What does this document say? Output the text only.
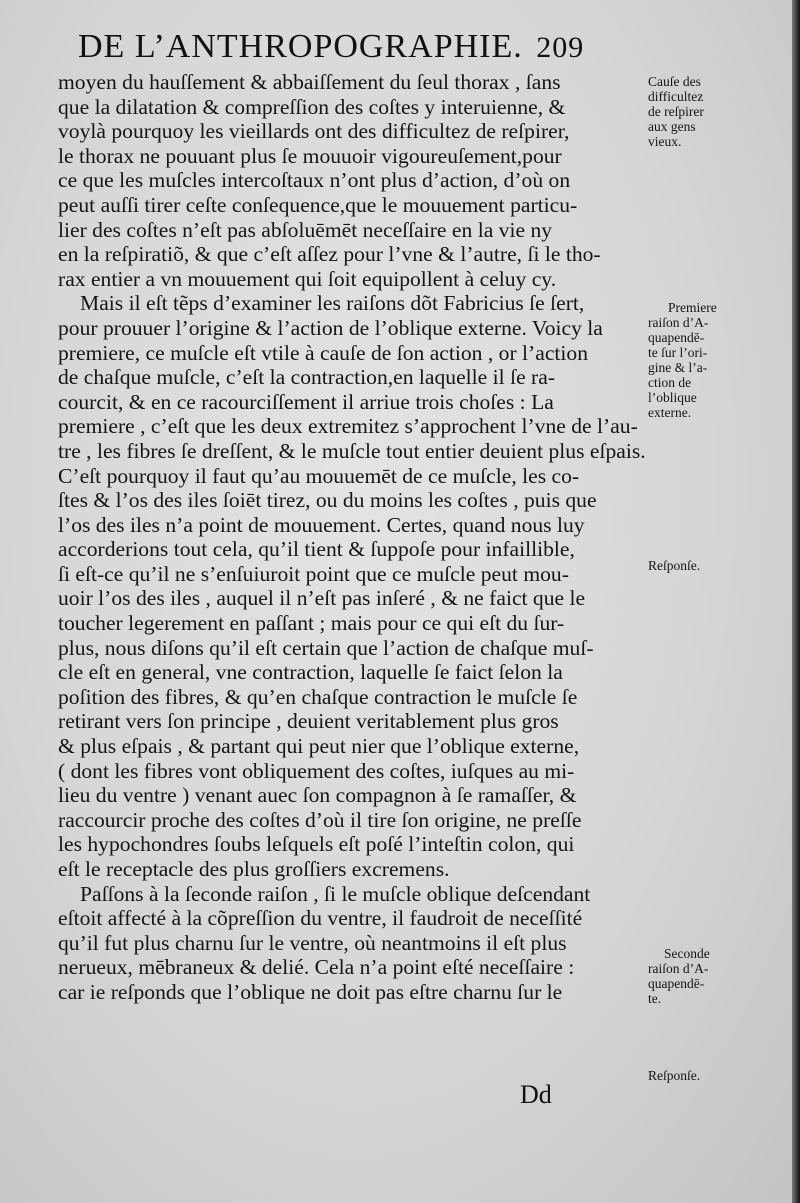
DE L’ANTHROPOGRAPHIE. 209
moyen du hauſſement & abbaiſſement du ſeul thorax , ſans
que la dilatation & compreſſion des coſtes y interuienne, &
voylà pourquoy les vieillards ont des difficultez de reſpirer,
le thorax ne pouuant plus ſe mouuoir vigoureuſement,pour
ce que les muſcles intercoſtaux n’ont plus d’action, d’où on
peut auſſi tirer ceſte conſequence,que le mouuement particu-
lier des coſtes n’eſt pas abſoluēmēt neceſſaire en la vie ny
en la reſpiratiõ, & que c’eſt aſſez pour l’vne & l’autre, ſi le tho-
rax entier a vn mouuement qui ſoit equipollent à celuy cy.
Mais il eſt tẽps d’examiner les raiſons dõt Fabricius ſe ſert,
pour prouuer l’origine & l’action de l’oblique externe. Voicy la
premiere, ce muſcle eſt vtile à cauſe de ſon action , or l’action
de chaſque muſcle, c’eſt la contraction,en laquelle il ſe ra-
courcit, & en ce racourciſſement il arriue trois choſes : La
premiere , c’eſt que les deux extremitez s’approchent l’vne de l’au-
tre , les fibres ſe dreſſent, & le muſcle tout entier deuient plus eſpais.
C’eſt pourquoy il faut qu’au mouuemēt de ce muſcle, les co-
ſtes & l’os des iles ſoiēt tirez, ou du moins les coſtes , puis que
l’os des iles n’a point de mouuement. Certes, quand nous luy
accorderions tout cela, qu’il tient & ſuppoſe pour infaillible,
ſi eſt-ce qu’il ne s’enſuiuroit point que ce muſcle peut mou-
uoir l’os des iles , auquel il n’eſt pas inſeré , & ne faict que le
toucher legerement en paſſant ; mais pour ce qui eſt du ſur-
plus, nous diſons qu’il eſt certain que l’action de chaſque muſ-
cle eſt en general, vne contraction, laquelle ſe faict ſelon la
poſition des fibres, & qu’en chaſque contraction le muſcle ſe
retirant vers ſon principe , deuient veritablement plus gros
& plus eſpais , & partant qui peut nier que l’oblique externe,
( dont les fibres vont obliquement des coſtes, iuſques au mi-
lieu du ventre ) venant auec ſon compagnon à ſe ramaſſer, &
raccourcir proche des coſtes d’où il tire ſon origine, ne preſſe
les hypochondres ſoubs leſquels eſt poſé l’inteſtin colon, qui
eſt le receptacle des plus groſſiers excremens.
Paſſons à la ſeconde raiſon , ſi le muſcle oblique deſcendant
eſtoit affecté à la cõpreſſion du ventre, il faudroit de neceſſité
qu’il fut plus charnu ſur le ventre, où neantmoins il eſt plus
nerueux, mēbraneux & delié. Cela n’a point eſté neceſſaire :
car ie reſponds que l’oblique ne doit pas eſtre charnu ſur le
Cauſe des
difficultez
de reſpirer
aux gens
vieux.
Premiere
raiſon d’A-
quapendē-
te ſur l’ori-
gine & l’a-
ction de
l’oblique
externe.
Reſponſe.
Seconde
raiſon d’A-
quapendē-
te.
Reſponſe.
Dd
